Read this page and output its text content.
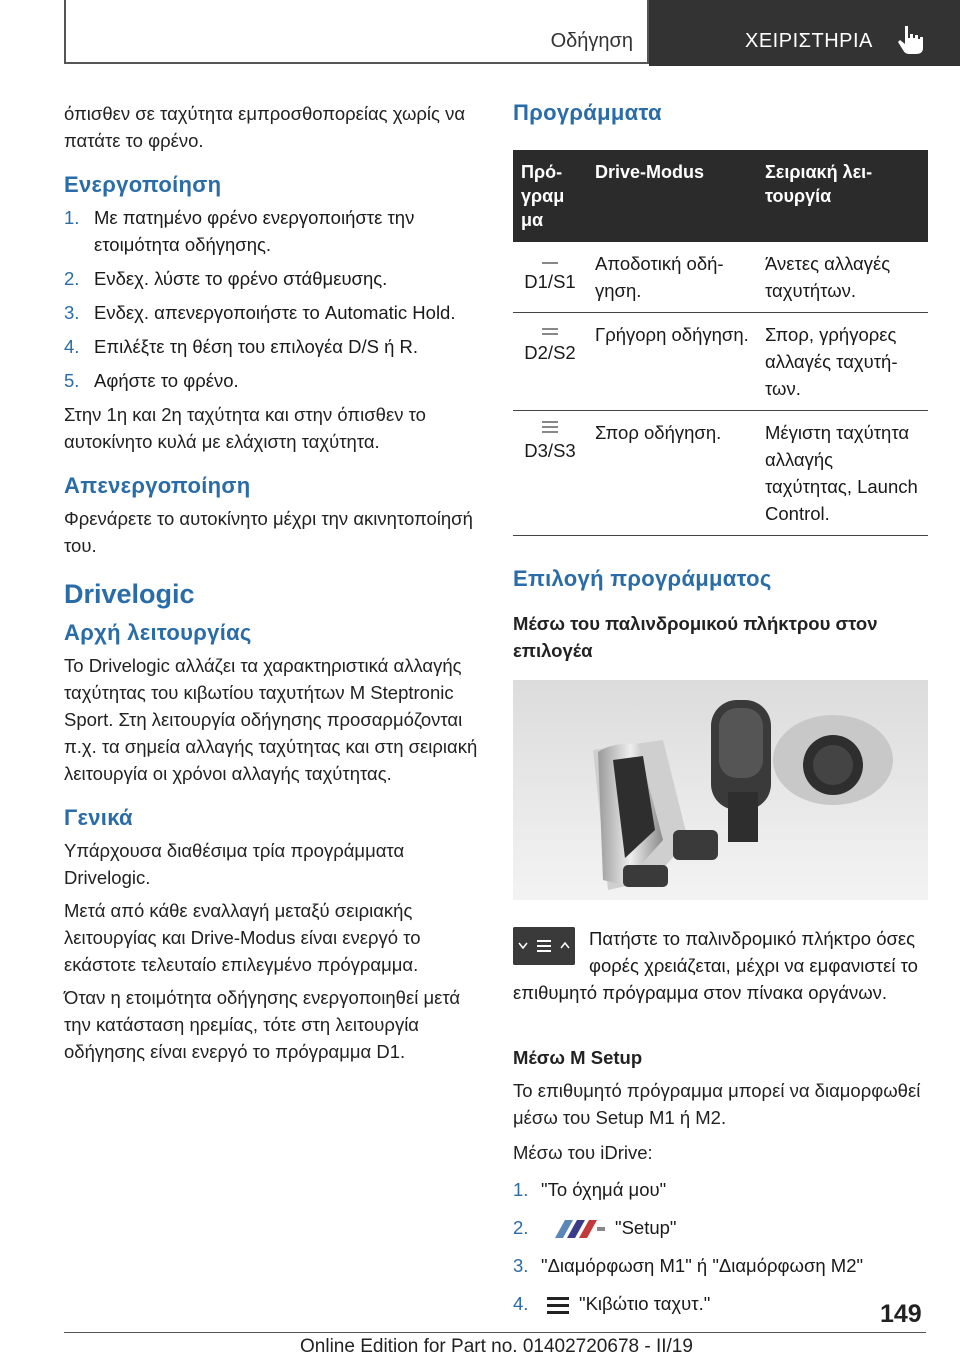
Οδήγηση	ΧΕΙΡΙΣΤΗΡΙΑ

όπισθεν σε ταχύτητα εμπροσθοπορείας χωρίς να πατάτε το φρένο.

Ενεργοποίηση
1. Με πατημένο φρένο ενεργοποιήστε την ετοιμότητα οδήγησης.
2. Ενδεχ. λύστε το φρένο στάθμευσης.
3. Ενδεχ. απενεργοποιήστε το Automatic Hold.
4. Επιλέξτε τη θέση του επιλογέα D/S ή R.
5. Αφήστε το φρένο.

Στην 1η και 2η ταχύτητα και στην όπισθεν το αυτοκίνητο κυλά με ελάχιστη ταχύτητα.

Απενεργοποίηση

Φρενάρετε το αυτοκίνητο μέχρι την ακινητοποίησή του.

Drivelogic
Αρχή λειτουργίας

Το Drivelogic αλλάζει τα χαρακτηριστικά αλλαγής ταχύτητας του κιβωτίου ταχυτήτων M Steptronic Sport. Στη λειτουργία οδήγησης προσαρμόζονται π.χ. τα σημεία αλλαγής ταχύτητας και στη σειριακή λειτουργία οι χρόνοι αλλαγής ταχύτητας.

Γενικά

Υπάρχουσα διαθέσιμα τρία προγράμματα Drivelogic.

Μετά από κάθε εναλλαγή μεταξύ σειριακής λειτουργίας και Drive-Modus είναι ενεργό το εκάστοτε τελευταίο επιλεγμένο πρόγραμμα.

Όταν η ετοιμότητα οδήγησης ενεργοποιηθεί μετά την κατάσταση ηρεμίας, τότε στη λειτουργία οδήγησης είναι ενεργό το πρόγραμμα D1.

Προγράμματα
Πρό-γραμ μα	Drive-Modus	Σειριακή λει-τουργία

D1/S1	Αποδοτική οδή-γηση.	Άνετες αλλαγές ταχυτήτων.

D2/S2	Γρήγορη οδήγηση.	Σπορ, γρήγορες αλλαγές ταχυτή-των.

D3/S3	Σπορ οδήγηση.	Μέγιστη ταχύτητα αλλαγής ταχύτητας, Launch Control.
Επιλογή προγράμματος

Μέσω του παλινδρομικού πλήκτρου στον επιλογέα

Πατήστε το παλινδρομικό πλήκτρο όσες φορές χρειάζεται, μέχρι να εμφανιστεί το επιθυμητό πρόγραμμα στον πίνακα οργάνων.

Μέσω M Setup

Το επιθυμητό πρόγραμμα μπορεί να διαμορφωθεί μέσω του Setup M1 ή M2.

Μέσω του iDrive:

1. "Το όχημά μου"
2.	"Setup"
3. "Διαμόρφωση M1" ή "Διαμόρφωση M2"
4.	"Κιβώτιο ταχυτ."	149
Online Edition for Part no. 01402720678 - II/19
